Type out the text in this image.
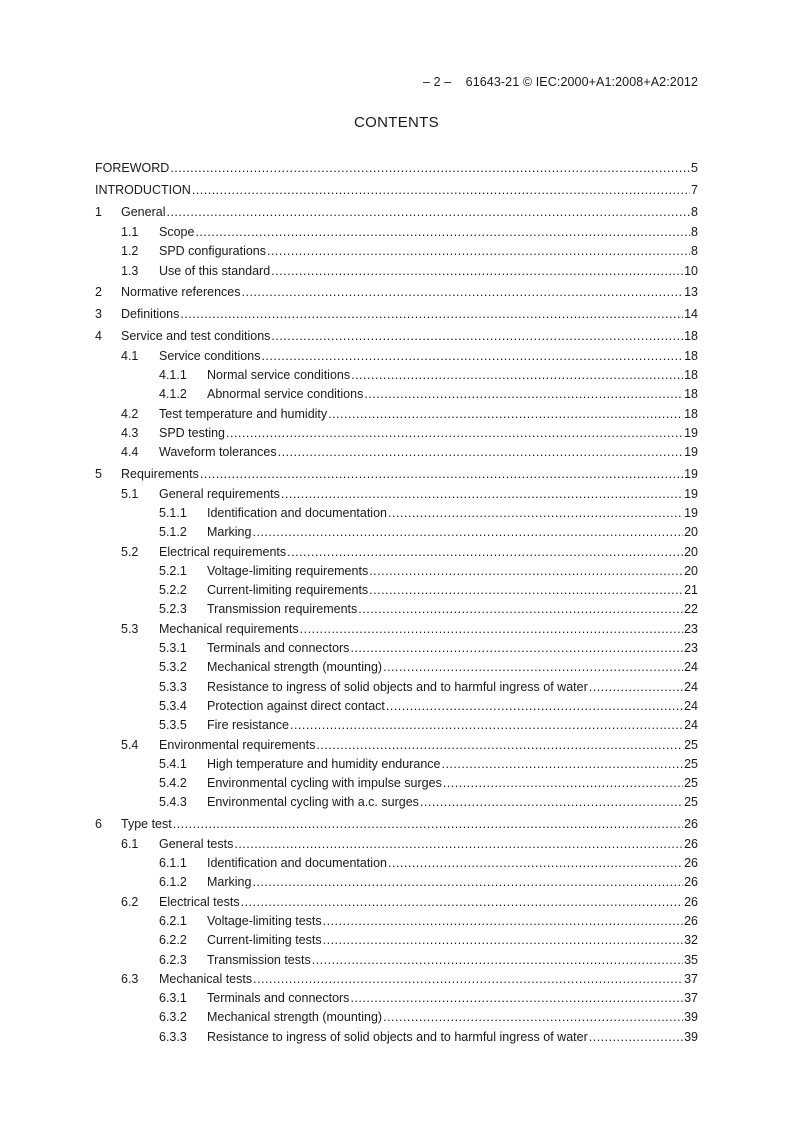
– 2 – 61643-21 © IEC:2000+A1:2008+A2:2012
CONTENTS
FOREWORD .....	5
INTRODUCTION .....	7
1	General .....	8
1.1	Scope .....	8
1.2	SPD configurations .....	8
1.3	Use of this standard .....	10
2	Normative references .....	13
3	Definitions .....	14
4	Service and test conditions .....	18
4.1	Service conditions .....	18
4.1.1	Normal service conditions .....	18
4.1.2	Abnormal service conditions .....	18
4.2	Test temperature and humidity .....	18
4.3	SPD testing .....	19
4.4	Waveform tolerances .....	19
5	Requirements .....	19
5.1	General requirements .....	19
5.1.1	Identification and documentation .....	19
5.1.2	Marking .....	20
5.2	Electrical requirements .....	20
5.2.1	Voltage-limiting requirements .....	20
5.2.2	Current-limiting requirements .....	21
5.2.3	Transmission requirements .....	22
5.3	Mechanical requirements .....	23
5.3.1	Terminals and connectors .....	23
5.3.2	Mechanical strength (mounting) .....	24
5.3.3	Resistance to ingress of solid objects and to harmful ingress of water .....	24
5.3.4	Protection against direct contact .....	24
5.3.5	Fire resistance .....	24
5.4	Environmental requirements .....	25
5.4.1	High temperature and humidity endurance .....	25
5.4.2	Environmental cycling with impulse surges .....	25
5.4.3	Environmental cycling with a.c. surges .....	25
6	Type test .....	26
6.1	General tests .....	26
6.1.1	Identification and documentation .....	26
6.1.2	Marking .....	26
6.2	Electrical tests .....	26
6.2.1	Voltage-limiting tests .....	26
6.2.2	Current-limiting tests .....	32
6.2.3	Transmission tests .....	35
6.3	Mechanical tests .....	37
6.3.1	Terminals and connectors .....	37
6.3.2	Mechanical strength (mounting) .....	39
6.3.3	Resistance to ingress of solid objects and to harmful ingress of water .....	39
